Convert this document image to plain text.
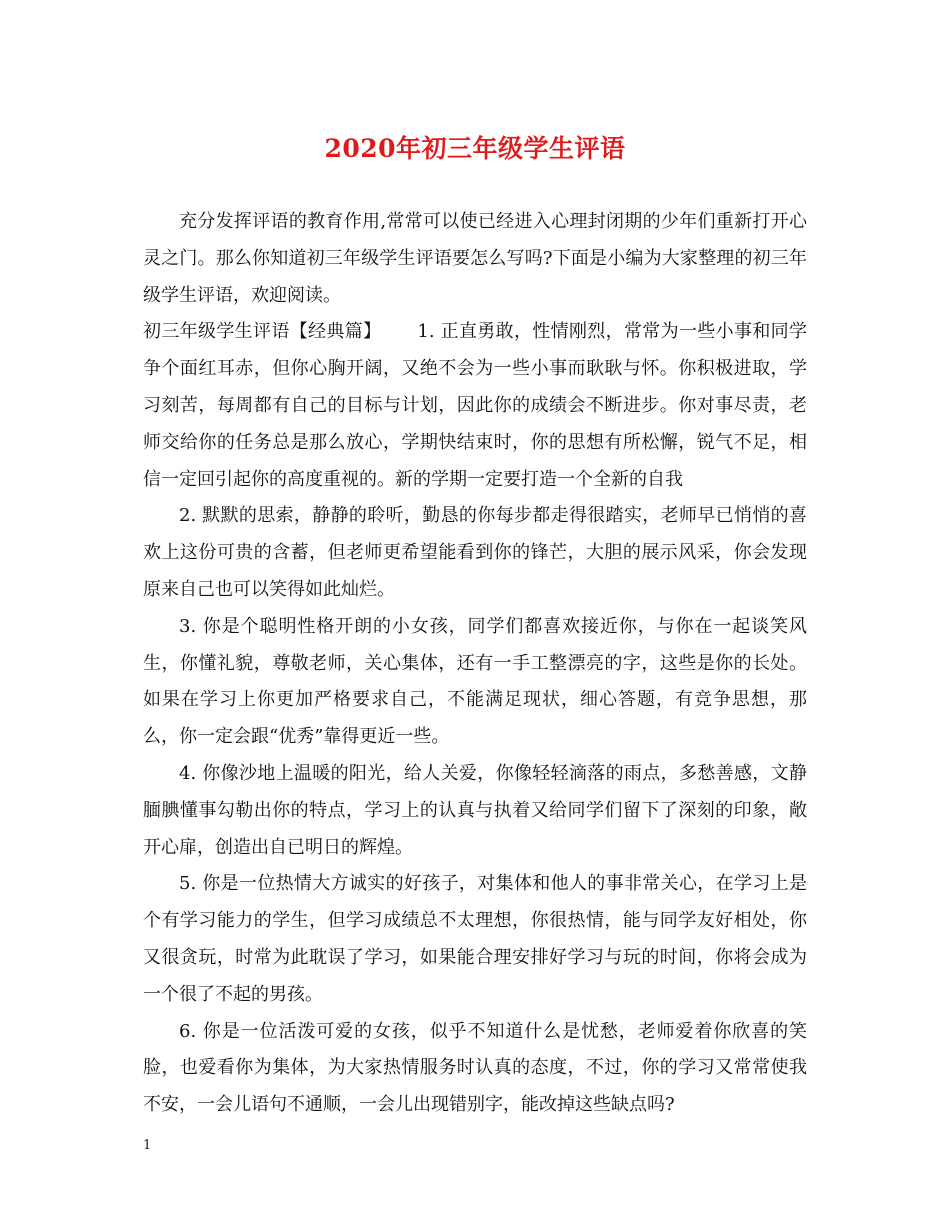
2020年初三年级学生评语

充分发挥评语的教育作用,常常可以使已经进入心理封闭期的少年们重新打开心灵之门。那么你知道初三年级学生评语要怎么写吗?下面是小编为大家整理的初三年级学生评语，欢迎阅读。

初三年级学生评语【经典篇】 1. 正直勇敢，性情刚烈，常常为一些小事和同学争个面红耳赤，但你心胸开阔，又绝不会为一些小事而耿耿与怀。你积极进取，学习刻苦，每周都有自己的目标与计划，因此你的成绩会不断进步。你对事尽责，老师交给你的任务总是那么放心，学期快结束时，你的思想有所松懈，锐气不足，相信一定回引起你的高度重视的。新的学期一定要打造一个全新的自我

2. 默默的思索，静静的聆听，勤恳的你每步都走得很踏实，老师早已悄悄的喜欢上这份可贵的含蓄，但老师更希望能看到你的锋芒，大胆的展示风采，你会发现原来自己也可以笑得如此灿烂。

3. 你是个聪明性格开朗的小女孩，同学们都喜欢接近你，与你在一起谈笑风生，你懂礼貌，尊敬老师，关心集体，还有一手工整漂亮的字，这些是你的长处。如果在学习上你更加严格要求自己，不能满足现状，细心答题，有竞争思想，那么，你一定会跟“优秀”靠得更近一些。

4. 你像沙地上温暖的阳光，给人关爱，你像轻轻滴落的雨点，多愁善感，文静腼腆懂事勾勒出你的特点，学习上的认真与执着又给同学们留下了深刻的印象，敞开心扉，创造出自已明日的辉煌。

5. 你是一位热情大方诚实的好孩子，对集体和他人的事非常关心，在学习上是个有学习能力的学生，但学习成绩总不太理想，你很热情，能与同学友好相处，你又很贪玩，时常为此耽误了学习，如果能合理安排好学习与玩的时间，你将会成为一个很了不起的男孩。

6. 你是一位活泼可爱的女孩，似乎不知道什么是忧愁，老师爱着你欣喜的笑脸，也爱看你为集体，为大家热情服务时认真的态度，不过，你的学习又常常使我不安，一会儿语句不通顺，一会儿出现错别字，能改掉这些缺点吗?

1
